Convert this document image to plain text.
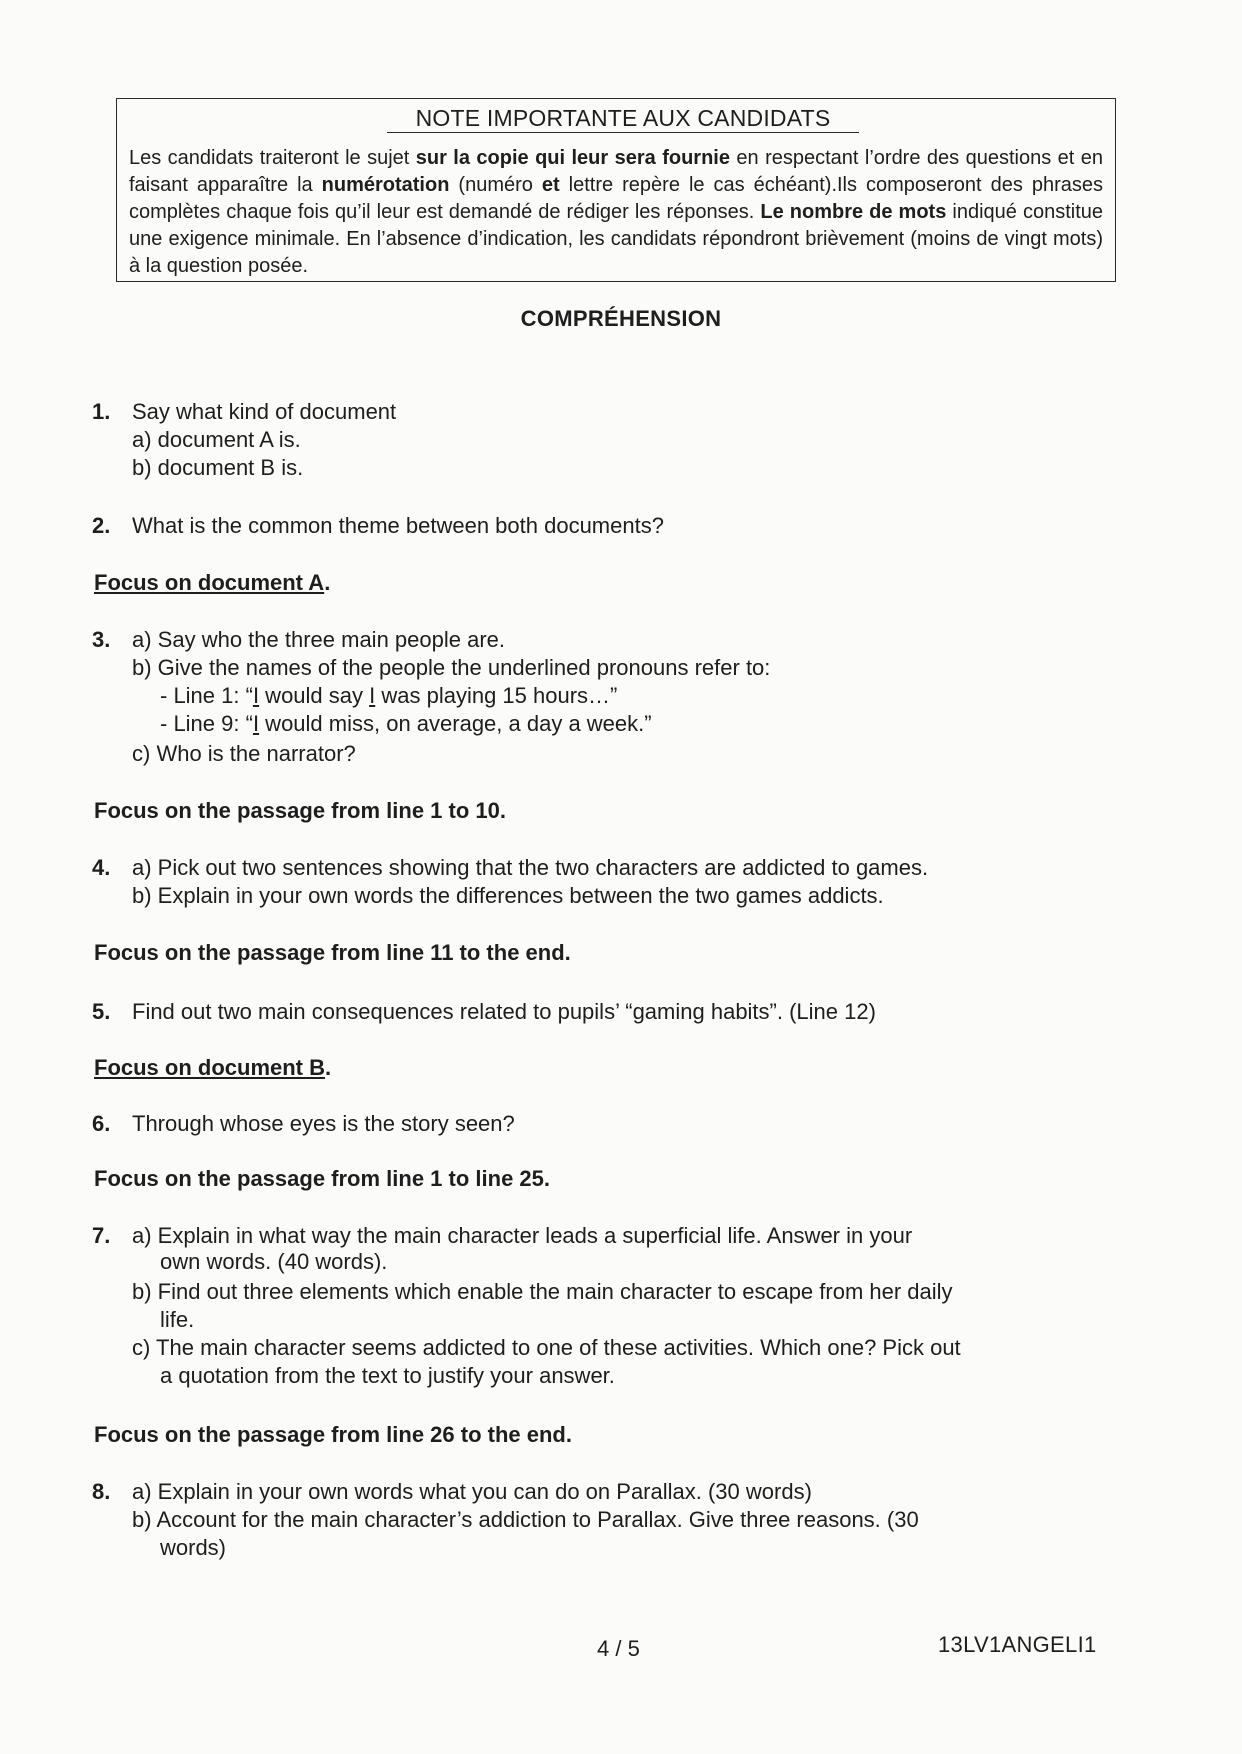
NOTE IMPORTANTE AUX CANDIDATS

Les candidats traiteront le sujet sur la copie qui leur sera fournie en respectant l’ordre des questions et en faisant apparaître la numérotation (numéro et lettre repère le cas échéant).Ils composeront des phrases complètes chaque fois qu’il leur est demandé de rédiger les réponses. Le nombre de mots indiqué constitue une exigence minimale. En l’absence d’indication, les candidats répondront brièvement (moins de vingt mots) à la question posée.

COMPRÉHENSION
1. Say what kind of document
a) document A is.
b) document B is.
2. What is the common theme between both documents?
Focus on document A.
3. a) Say who the three main people are.
b) Give the names of the people the underlined pronouns refer to:
- Line 1: “I would say I was playing 15 hours…”
- Line 9: “I would miss, on average, a day a week.”
c) Who is the narrator?
Focus on the passage from line 1 to 10.
4. a) Pick out two sentences showing that the two characters are addicted to games.
b) Explain in your own words the differences between the two games addicts.
Focus on the passage from line 11 to the end.
5. Find out two main consequences related to pupils’ “gaming habits”. (Line 12)
Focus on document B.
6. Through whose eyes is the story seen?
Focus on the passage from line 1 to line 25.
7. a) Explain in what way the main character leads a superficial life. Answer in your
own words. (40 words).
b) Find out three elements which enable the main character to escape from her daily
life.
c) The main character seems addicted to one of these activities. Which one? Pick out
a quotation from the text to justify your answer.
Focus on the passage from line 26 to the end.
8. a) Explain in your own words what you can do on Parallax. (30 words)
b) Account for the main character’s addiction to Parallax. Give three reasons. (30
words)
4 / 5	13LV1ANGELI1
